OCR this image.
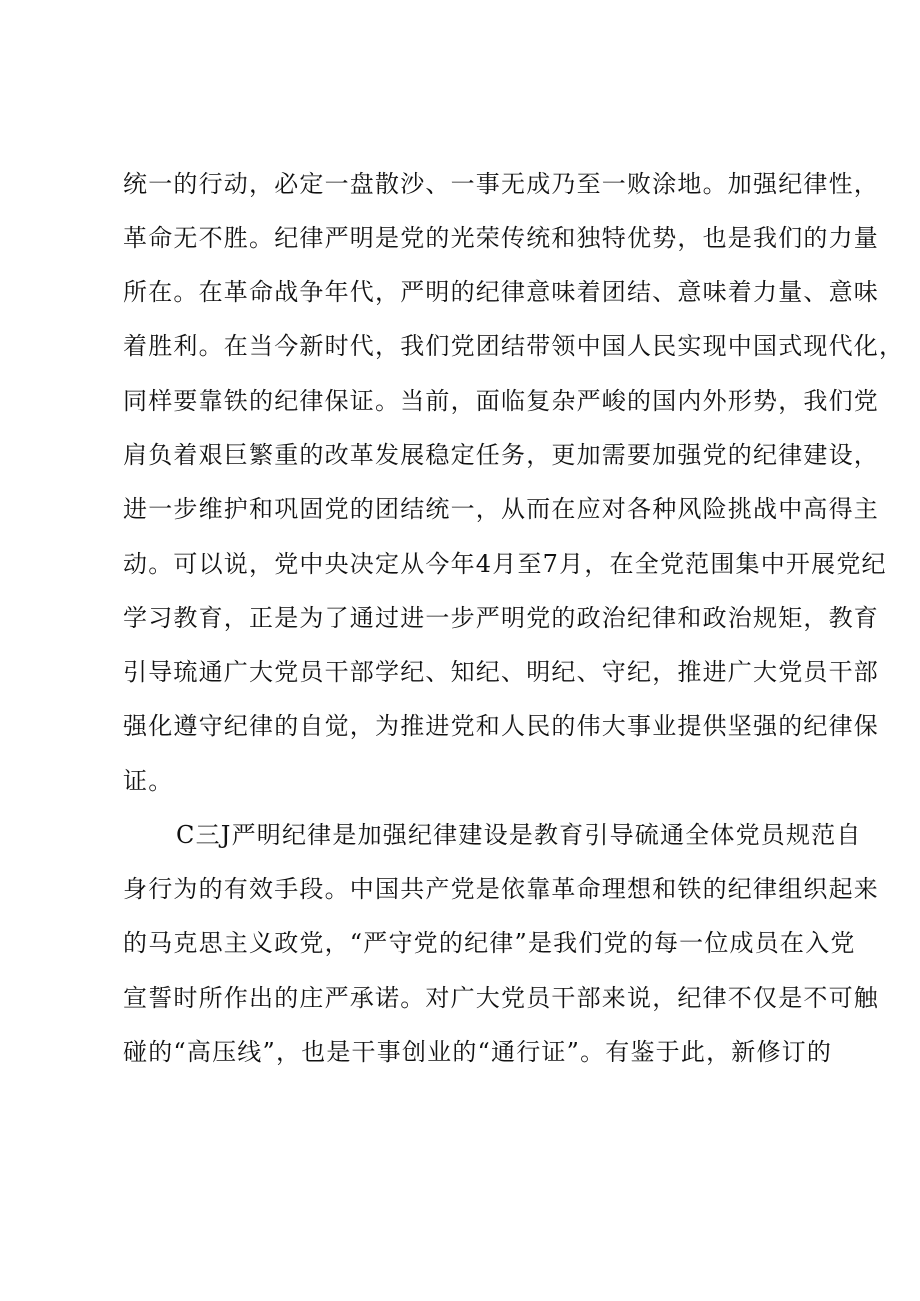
统一的行动，必定一盘散沙、一事无成乃至一败涂地。加强纪律性，
革命无不胜。纪律严明是党的光荣传统和独特优势，也是我们的力量
所在。在革命战争年代，严明的纪律意味着团结、意味着力量、意味
着胜利。在当今新时代，我们党团结带领中国人民实现中国式现代化，
同样要靠铁的纪律保证。当前，面临复杂严峻的国内外形势，我们党
肩负着艰巨繁重的改革发展稳定任务，更加需要加强党的纪律建设，
进一步维护和巩固党的团结统一，从而在应对各种风险挑战中高得主
动。可以说，党中央决定从今年4月至7月，在全党范围集中开展党纪
学习教育，正是为了通过进一步严明党的政治纪律和政治规矩，教育
引导琉通广大党员干部学纪、知纪、明纪、守纪，推进广大党员干部
强化遵守纪律的自觉，为推进党和人民的伟大事业提供坚强的纪律保
证。
C三J严明纪律是加强纪律建设是教育引导硫通全体党员规范自
身行为的有效手段。中国共产党是依靠革命理想和铁的纪律组织起来
的马克思主义政党，“严守党的纪律”是我们党的每一位成员在入党
宣誓时所作出的庄严承诺。对广大党员干部来说，纪律不仅是不可触
碰的“高压线”，也是干事创业的“通行证”。有鉴于此，新修订的
